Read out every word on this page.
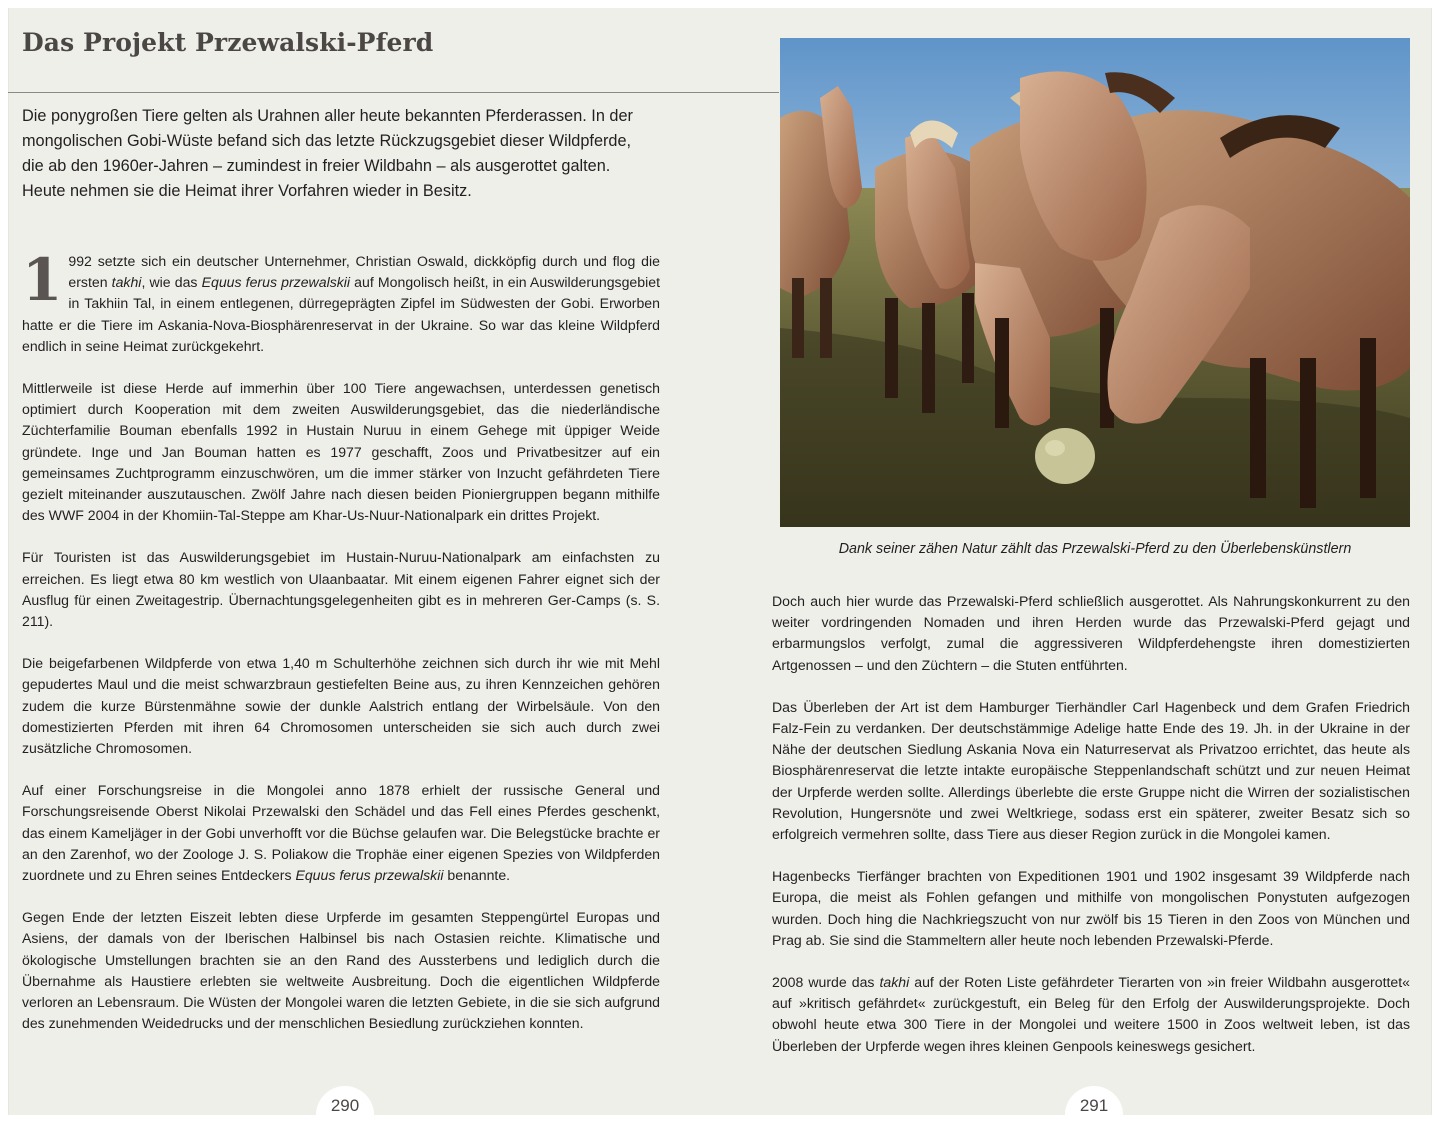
Das Projekt Przewalski-Pferd

Die ponygroßen Tiere gelten als Urahnen aller heute bekannten Pferderassen. In der mongolischen Gobi-Wüste befand sich das letzte Rückzugsgebiet dieser Wildpferde, die ab den 1960er-Jahren – zumindest in freier Wildbahn – als ausgerottet galten. Heute nehmen sie die Heimat ihrer Vorfahren wieder in Besitz.

1 992 setzte sich ein deutscher Unternehmer, Christian Oswald, dickköpfig durch und flog die ersten takhi, wie das Equus ferus przewalskii auf Mongolisch heißt, in ein Auswilderungsgebiet in Takhiin Tal, in einem entlegenen, dürregeprägten Zipfel im Südwesten der Gobi. Erworben hatte er die Tiere im Askania-Nova-Biosphärenreservat in der Ukraine. So war das kleine Wildpferd endlich in seine Heimat zurückgekehrt.

Mittlerweile ist diese Herde auf immerhin über 100 Tiere angewachsen, unterdessen genetisch optimiert durch Kooperation mit dem zweiten Auswilderungsgebiet, das die niederländische Züchterfamilie Bouman ebenfalls 1992 in Hustain Nuruu in einem Gehege mit üppiger Weide gründete. Inge und Jan Bouman hatten es 1977 geschafft, Zoos und Privatbesitzer auf ein gemeinsames Zuchtprogramm einzuschwören, um die immer stärker von Inzucht gefährdeten Tiere gezielt miteinander auszutauschen. Zwölf Jahre nach diesen beiden Pioniergruppen begann mithilfe des WWF 2004 in der Khomiin-Tal-Steppe am Khar-Us-Nuur-Nationalpark ein drittes Projekt.

Für Touristen ist das Auswilderungsgebiet im Hustain-Nuruu-Nationalpark am einfachsten zu erreichen. Es liegt etwa 80 km westlich von Ulaanbaatar. Mit einem eigenen Fahrer eignet sich der Ausflug für einen Zweitagestrip. Übernachtungsgelegenheiten gibt es in mehreren Ger-Camps (s. S. 211).

Die beigefarbenen Wildpferde von etwa 1,40 m Schulterhöhe zeichnen sich durch ihr wie mit Mehl gepudertes Maul und die meist schwarzbraun gestiefelten Beine aus, zu ihren Kennzeichen gehören zudem die kurze Bürstenmähne sowie der dunkle Aalstrich entlang der Wirbelsäule. Von den domestizierten Pferden mit ihren 64 Chromosomen unterscheiden sie sich auch durch zwei zusätzliche Chromosomen.

Auf einer Forschungsreise in die Mongolei anno 1878 erhielt der russische General und Forschungsreisende Oberst Nikolai Przewalski den Schädel und das Fell eines Pferdes geschenkt, das einem Kameljäger in der Gobi unverhofft vor die Büchse gelaufen war. Die Belegstücke brachte er an den Zarenhof, wo der Zoologe J. S. Poliakow die Trophäe einer eigenen Spezies von Wildpferden zuordnete und zu Ehren seines Entdeckers Equus ferus przewalskii benannte.

Gegen Ende der letzten Eiszeit lebten diese Urpferde im gesamten Steppengürtel Europas und Asiens, der damals von der Iberischen Halbinsel bis nach Ostasien reichte. Klimatische und ökologische Umstellungen brachten sie an den Rand des Aussterbens und lediglich durch die Übernahme als Haustiere erlebten sie weltweite Ausbreitung. Doch die eigentlichen Wildpferde verloren an Lebensraum. Die Wüsten der Mongolei waren die letzten Gebiete, in die sie sich aufgrund des zunehmenden Weidedrucks und der menschlichen Besiedlung zurückziehen konnten.

Dank seiner zähen Natur zählt das Przewalski-Pferd zu den Überlebenskünstlern

Doch auch hier wurde das Przewalski-Pferd schließlich ausgerottet. Als Nahrungskonkurrent zu den weiter vordringenden Nomaden und ihren Herden wurde das Przewalski-Pferd gejagt und erbarmungslos verfolgt, zumal die aggressiveren Wildpferdehengste ihren domestizierten Artgenossen – und den Züchtern – die Stuten entführten.

Das Überleben der Art ist dem Hamburger Tierhändler Carl Hagenbeck und dem Grafen Friedrich Falz-Fein zu verdanken. Der deutschstämmige Adelige hatte Ende des 19. Jh. in der Ukraine in der Nähe der deutschen Siedlung Askania Nova ein Naturreservat als Privatzoo errichtet, das heute als Biosphärenreservat die letzte intakte europäische Steppenlandschaft schützt und zur neuen Heimat der Urpferde werden sollte. Allerdings überlebte die erste Gruppe nicht die Wirren der sozialistischen Revolution, Hungersnöte und zwei Weltkriege, sodass erst ein späterer, zweiter Besatz sich so erfolgreich vermehren sollte, dass Tiere aus dieser Region zurück in die Mongolei kamen.

Hagenbecks Tierfänger brachten von Expeditionen 1901 und 1902 insgesamt 39 Wildpferde nach Europa, die meist als Fohlen gefangen und mithilfe von mongolischen Ponystuten aufgezogen wurden. Doch hing die Nachkriegszucht von nur zwölf bis 15 Tieren in den Zoos von München und Prag ab. Sie sind die Stammeltern aller heute noch lebenden Przewalski-Pferde.

2008 wurde das takhi auf der Roten Liste gefährdeter Tierarten von »in freier Wildbahn ausgerottet« auf »kritisch gefährdet« zurückgestuft, ein Beleg für den Erfolg der Auswilderungsprojekte. Doch obwohl heute etwa 300 Tiere in der Mongolei und weitere 1500 in Zoos weltweit leben, ist das Überleben der Urpferde wegen ihres kleinen Genpools keineswegs gesichert.

290	291
